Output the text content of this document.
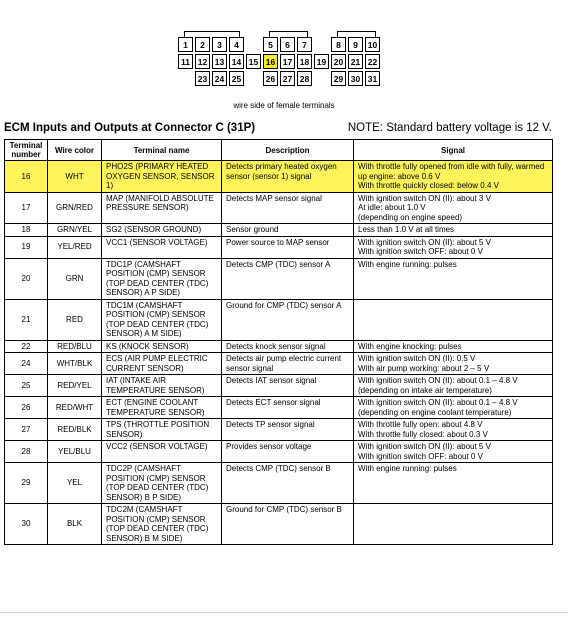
1	2	3	4	5	6	7	8	9	10
11 12 13 14 15 16 17 18 19 20 21 22
23 24 25	26 27 28	29 30 31
wire side of female terminals
ECM Inputs and Outputs at Connector C (31P)	NOTE: Standard battery voltage is 12 V.
Terminal number	Wire color	Terminal name	Description	Signal
16	WHT	PHO2S (PRIMARY HEATED OXYGEN SENSOR, SENSOR 1)	Detects primary heated oxygen sensor (sensor 1) signal	With throttle fully opened from idle with fully, warmed up engine: above 0.6 V
With throttle quickly closed: below 0.4 V
17	GRN/RED	MAP (MANIFOLD ABSOLUTE PRESSURE SENSOR)	Detects MAP sensor signal	With ignition switch ON (II): about 3 V
At idle: about 1.0 V
(depending on engine speed)
18	GRN/YEL	SG2 (SENSOR GROUND)	Sensor ground	Less than 1.0 V at all times
19	YEL/RED	VCC1 (SENSOR VOLTAGE)	Power source to MAP sensor	With ignition switch ON (II): about 5 V
With ignition switch OFF: about 0 V
20	GRN	TDC1P (CAMSHAFT POSITION (CMP) SENSOR (TOP DEAD CENTER (TDC) SENSOR) A P SIDE)	Detects CMP (TDC) sensor A	With engine running: pulses
21	RED	TDC1M (CAMSHAFT POSITION (CMP) SENSOR (TOP DEAD CENTER (TDC) SENSOR) A M SIDE)	Ground for CMP (TDC) sensor A	
22	RED/BLU	KS (KNOCK SENSOR)	Detects knock sensor signal	With engine knocking: pulses
24	WHT/BLK	ECS (AIR PUMP ELECTRIC CURRENT SENSOR)	Detects air pump electric current sensor signal	With ignition switch ON (II): 0.5 V
With air pump working: about 2 – 5 V
25	RED/YEL	IAT (INTAKE AIR TEMPERATURE SENSOR)	Detects IAT sensor signal	With ignition switch ON (II): about 0.1 – 4.8 V
(depending on intake air temperature)
26	RED/WHT	ECT (ENGINE COOLANT TEMPERATURE SENSOR)	Detects ECT sensor signal	With ignition switch ON (II): about 0.1 – 4.8 V
(depending on engine coolant temperature)
27	RED/BLK	TPS (THROTTLE POSITION SENSOR)	Detects TP sensor signal	With throttle fully open: about 4.8 V
With throttle fully closed: about 0.3 V
28	YEL/BLU	VCC2 (SENSOR VOLTAGE)	Provides sensor voltage	With ignition switch ON (II): about 5 V
With ignition switch OFF: about 0 V
29	YEL	TDC2P (CAMSHAFT POSITION (CMP) SENSOR (TOP DEAD CENTER (TDC) SENSOR) B P SIDE)	Detects CMP (TDC) sensor B	With engine running: pulses
30	BLK	TDC2M (CAMSHAFT POSITION (CMP) SENSOR (TOP DEAD CENTER (TDC) SENSOR) B M SIDE)	Ground for CMP (TDC) sensor B	
